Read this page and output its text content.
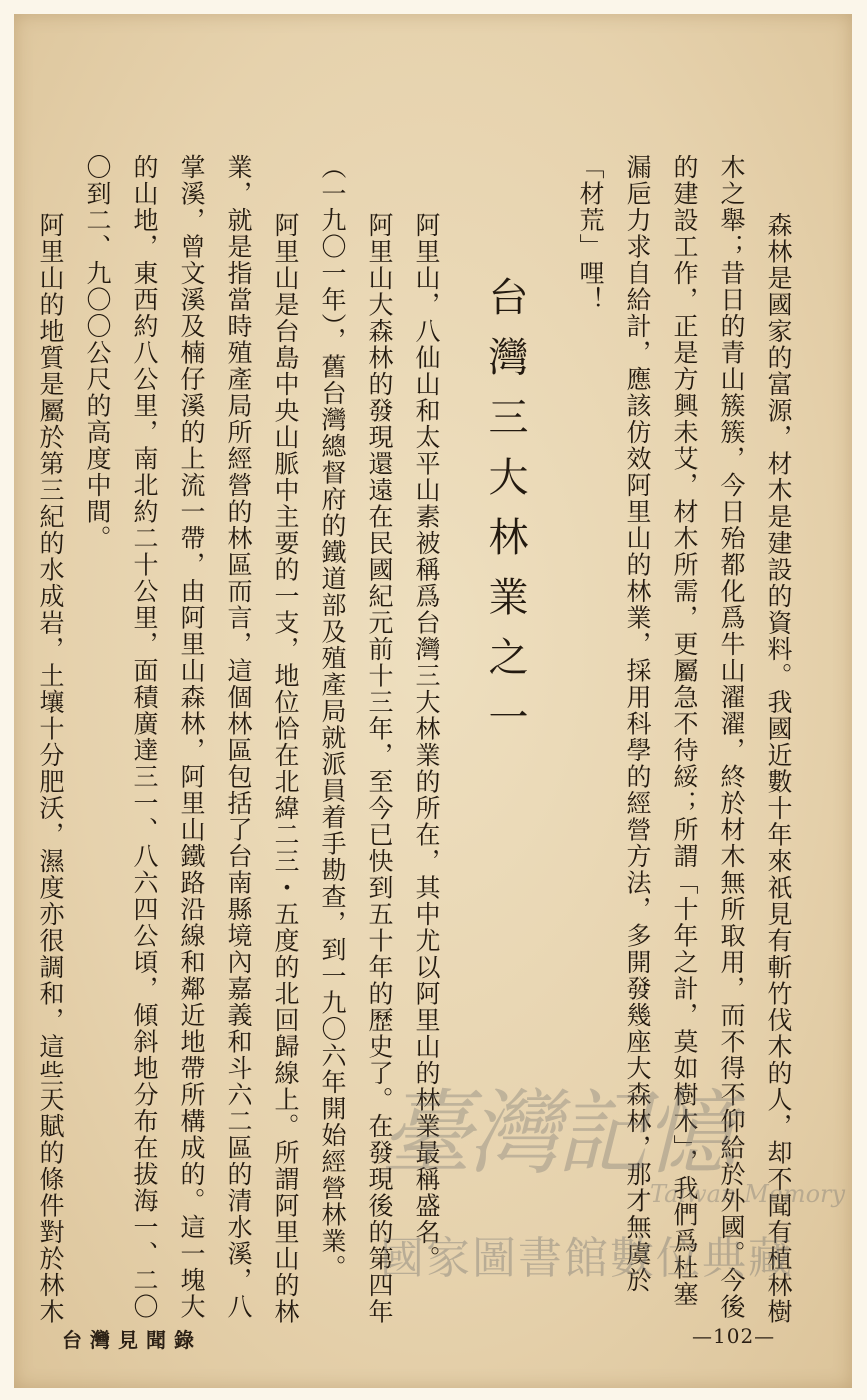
森林是國家的富源，材木是建設的資料。我國近數十年來祇見有斬竹伐木的人，却不聞有植林樹
木之舉；昔日的青山簇簇，今日殆都化爲牛山濯濯，終於材木無所取用，而不得不仰給於外國。今後
的建設工作，正是方興未艾，材木所需，更屬急不待綏；所謂「十年之計，莫如樹木」，我們爲杜塞
漏巵力求自給計，應該仿效阿里山的林業，採用科學的經營方法，多開發幾座大森林，那才無虞於
「材荒」哩！
台灣三大林業之一
阿里山，八仙山和太平山素被稱爲台灣三大林業的所在，其中尤以阿里山的林業最稱盛名。
阿里山大森林的發現還遠在民國紀元前十三年，至今已快到五十年的歷史了。在發現後的第四年
（一九〇一年），舊台灣總督府的鐵道部及殖產局就派員着手勘查，到一九〇六年開始經營林業。
阿里山是台島中央山脈中主要的一支，地位恰在北緯二三・五度的北回歸線上。所謂阿里山的林
業，就是指當時殖產局所經營的林區而言，這個林區包括了台南縣境內嘉義和斗六二區的清水溪，八
掌溪，曾文溪及楠仔溪的上流一帶，由阿里山森林，阿里山鐵路沿線和鄰近地帶所構成的。這一塊大
的山地，東西約八公里，南北約二十公里，面積廣達三一、八六四公頃，傾斜地分布在拔海一、二〇
〇到二、九〇〇公尺的高度中間。
阿里山的地質是屬於第三紀的水成岩，土壤十分肥沃，濕度亦很調和，這些天賦的條件對於林木
台灣見聞錄	—102—
臺灣記憶
Taiwan Memory
國家圖書館數位典藏
